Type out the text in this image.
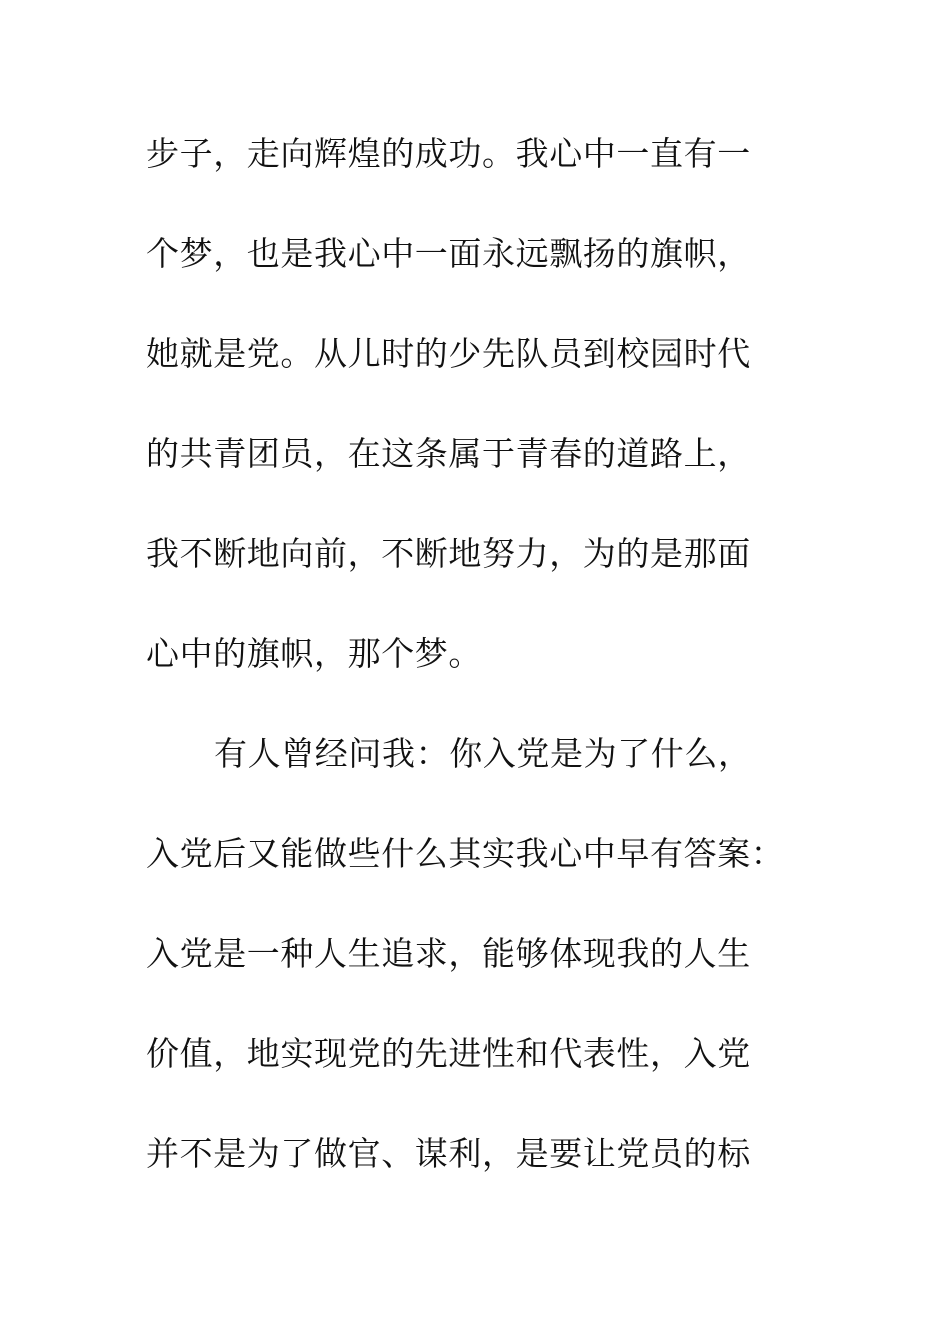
步子，走向辉煌的成功。我心中一直有一
个梦，也是我心中一面永远飘扬的旗帜，
她就是党。从儿时的少先队员到校园时代
的共青团员，在这条属于青春的道路上，
我不断地向前，不断地努力，为的是那面
心中的旗帜，那个梦。
有人曾经问我：你入党是为了什么，
入党后又能做些什么其实我心中早有答案：
入党是一种人生追求，能够体现我的人生
价值，地实现党的先进性和代表性，入党
并不是为了做官、谋利，是要让党员的标
